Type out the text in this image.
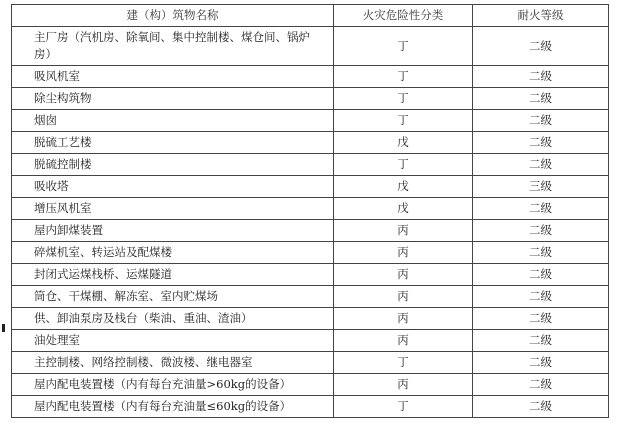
建（构）筑物名称	火灾危险性分类	耐火等级

主厂房（汽机房、除氧间、集中控制楼、煤仓间、锅炉
房）	丁	二级
吸风机室	丁	二级
除尘构筑物	丁	二级
烟囱	丁	二级
脱硫工艺楼	戊	二级
脱硫控制楼	丁	二级
吸收塔	戊	三级
增压风机室	戊	二级
屋内卸煤装置	丙	二级
碎煤机室、转运站及配煤楼	丙	二级
封闭式运煤栈桥、运煤隧道	丙	二级
筒仓、干煤棚、解冻室、室内贮煤场	丙	二级
供、卸油泵房及栈台（柴油、重油、渣油）	丙	二级
油处理室	丙	二级
主控制楼、网络控制楼、微波楼、继电器室	丁	二级
屋内配电装置楼（内有每台充油量>60kg的设备）	丙	二级
屋内配电装置楼（内有每台充油量≤60kg的设备）	丁	二级
